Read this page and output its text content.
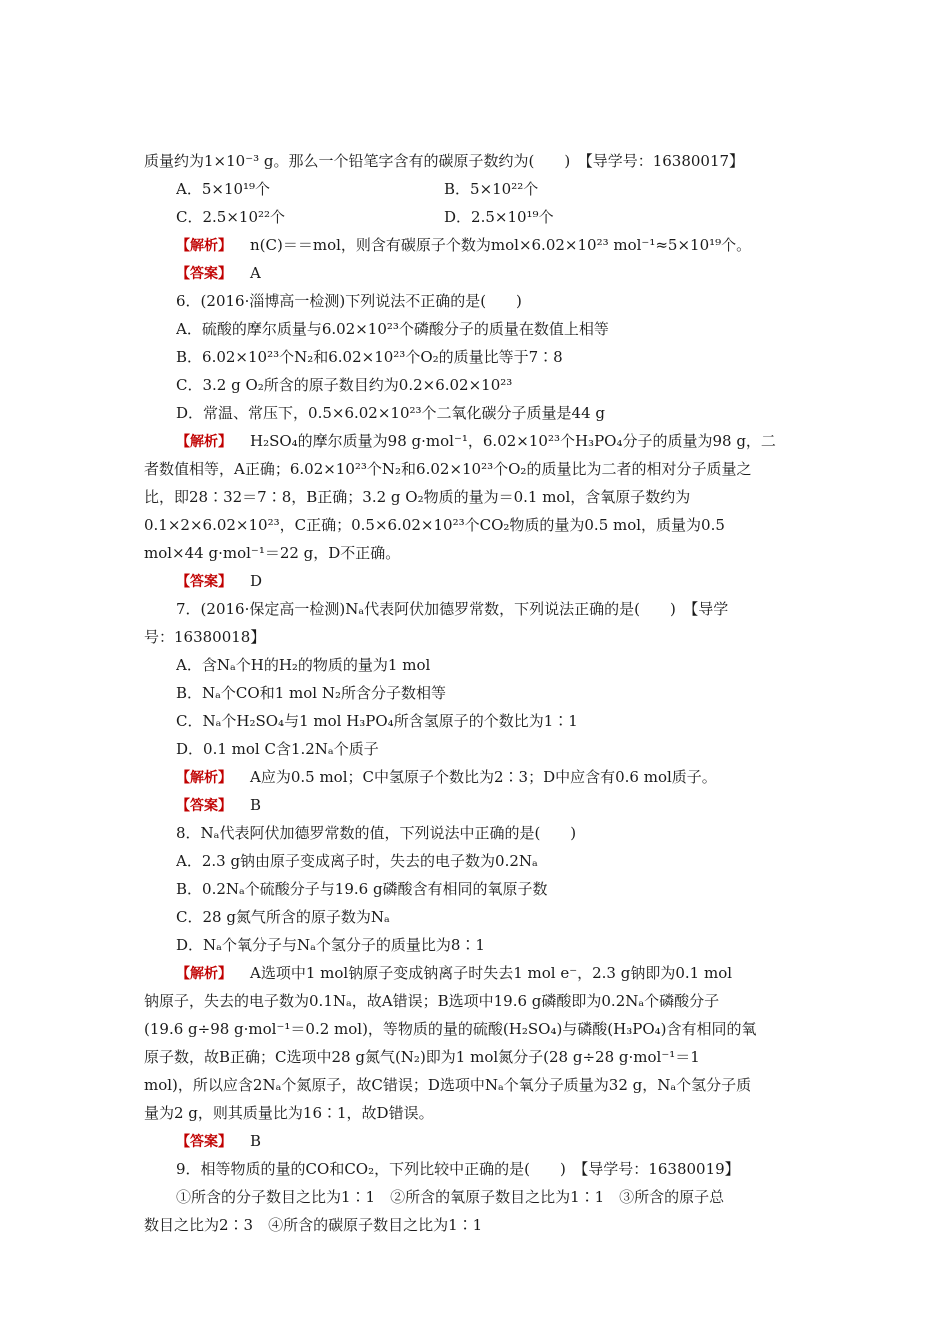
质量约为1×10⁻³ g。那么一个铅笔字含有的碳原子数约为(　　)　【导学号：16380017】
A．5×10¹⁹个	B．5×10²²个
C．2.5×10²²个	D．2.5×10¹⁹个
【解析】 n(C)＝＝mol，则含有碳原子个数为mol×6.02×10²³ mol⁻¹≈5×10¹⁹个。
【答案】 A
6．(2016·淄博高一检测)下列说法不正确的是(　　)
A．硫酸的摩尔质量与6.02×10²³个磷酸分子的质量在数值上相等
B．6.02×10²³个N₂和6.02×10²³个O₂的质量比等于7∶8
C．3.2 g O₂所含的原子数目约为0.2×6.02×10²³
D．常温、常压下，0.5×6.02×10²³个二氧化碳分子质量是44 g
【解析】 H₂SO₄的摩尔质量为98 g·mol⁻¹，6.02×10²³个H₃PO₄分子的质量为98 g，二
者数值相等，A正确；6.02×10²³个N₂和6.02×10²³个O₂的质量比为二者的相对分子质量之
比，即28∶32＝7∶8，B正确；3.2 g O₂物质的量为＝0.1 mol，含氧原子数约为
0.1×2×6.02×10²³，C正确；0.5×6.02×10²³个CO₂物质的量为0.5 mol，质量为0.5
mol×44 g·mol⁻¹＝22 g，D不正确。
【答案】 D
7．(2016·保定高一检测)Nₐ代表阿伏加德罗常数，下列说法正确的是(　　)　【导学
号：16380018】
A．含Nₐ个H的H₂的物质的量为1 mol
B．Nₐ个CO和1 mol N₂所含分子数相等
C．Nₐ个H₂SO₄与1 mol H₃PO₄所含氢原子的个数比为1∶1
D．0.1 mol C含1.2Nₐ个质子
【解析】 A应为0.5 mol；C中氢原子个数比为2∶3；D中应含有0.6 mol质子。
【答案】 B
8．Nₐ代表阿伏加德罗常数的值，下列说法中正确的是(　　)
A．2.3 g钠由原子变成离子时，失去的电子数为0.2Nₐ
B．0.2Nₐ个硫酸分子与19.6 g磷酸含有相同的氧原子数
C．28 g氮气所含的原子数为Nₐ
D．Nₐ个氧分子与Nₐ个氢分子的质量比为8∶1
【解析】 A选项中1 mol钠原子变成钠离子时失去1 mol e⁻，2.3 g钠即为0.1 mol
钠原子，失去的电子数为0.1Nₐ，故A错误；B选项中19.6 g磷酸即为0.2Nₐ个磷酸分子
(19.6 g÷98 g·mol⁻¹＝0.2 mol)，等物质的量的硫酸(H₂SO₄)与磷酸(H₃PO₄)含有相同的氧
原子数，故B正确；C选项中28 g氮气(N₂)即为1 mol氮分子(28 g÷28 g·mol⁻¹＝1
mol)，所以应含2Nₐ个氮原子，故C错误；D选项中Nₐ个氧分子质量为32 g，Nₐ个氢分子质
量为2 g，则其质量比为16∶1，故D错误。
【答案】 B
9．相等物质的量的CO和CO₂，下列比较中正确的是(　　)　【导学号：16380019】
①所含的分子数目之比为1∶1　②所含的氧原子数目之比为1∶1　③所含的原子总
数目之比为2∶3　④所含的碳原子数目之比为1∶1
